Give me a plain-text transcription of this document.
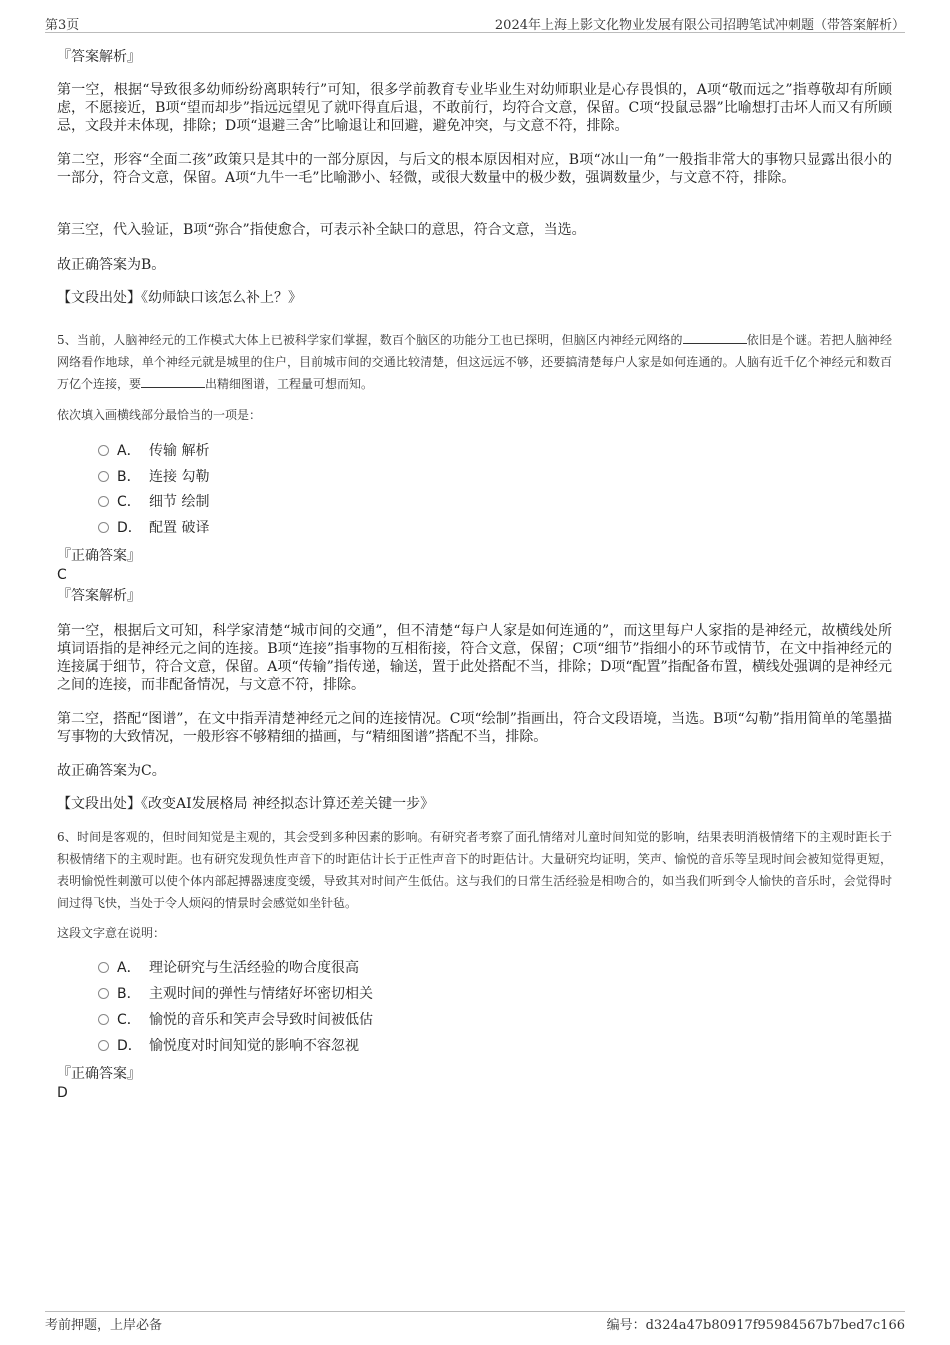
第3页	2024年上海上影文化物业发展有限公司招聘笔试冲刺题（带答案解析）
『答案解析』

第一空，根据“导致很多幼师纷纷离职转行”可知，很多学前教育专业毕业生对幼师职业是心存畏惧的，A项“敬而远之”指尊敬却有所顾虑，不愿接近，B项“望而却步”指远远望见了就吓得直后退，不敢前行，均符合文意，保留。C项“投鼠忌器”比喻想打击坏人而又有所顾忌，文段并未体现，排除；D项“退避三舍”比喻退让和回避，避免冲突，与文意不符，排除。

第二空，形容“全面二孩”政策只是其中的一部分原因，与后文的根本原因相对应，B项“冰山一角”一般指非常大的事物只显露出很小的一部分，符合文意，保留。A项“九牛一毛”比喻渺小、轻微，或很大数量中的极少数，强调数量少，与文意不符，排除。

第三空，代入验证，B项“弥合”指使愈合，可表示补全缺口的意思，符合文意，当选。

故正确答案为B。

【文段出处】《幼师缺口该怎么补上？》

5、当前，人脑神经元的工作模式大体上已被科学家们掌握，数百个脑区的功能分工也已探明，但脑区内神经元网络的	依旧是个谜。若把人脑神经网络看作地球，单个神经元就是城里的住户，目前城市间的交通比较清楚，但这远远不够，还要搞清楚每户人家是如何连通的。人脑有近千亿个神经元和数百万亿个连接，要	出精细图谱，工程量可想而知。

依次填入画横线部分最恰当的一项是：

A． 传输 解析
B． 连接 勾勒
C． 细节 绘制
D． 配置 破译
『正确答案』
C
『答案解析』

第一空，根据后文可知，科学家清楚“城市间的交通”，但不清楚“每户人家是如何连通的”，而这里每户人家指的是神经元，故横线处所填词语指的是神经元之间的连接。B项“连接”指事物的互相衔接，符合文意，保留；C项“细节”指细小的环节或情节，在文中指神经元的连接属于细节，符合文意，保留。A项“传输”指传递，输送，置于此处搭配不当，排除；D项“配置”指配备布置，横线处强调的是神经元之间的连接，而非配备情况，与文意不符，排除。

第二空，搭配“图谱”，在文中指弄清楚神经元之间的连接情况。C项“绘制”指画出，符合文段语境，当选。B项“勾勒”指用简单的笔墨描写事物的大致情况，一般形容不够精细的描画，与“精细图谱”搭配不当，排除。

故正确答案为C。

【文段出处】《改变AI发展格局 神经拟态计算还差关键一步》

6、时间是客观的，但时间知觉是主观的，其会受到多种因素的影响。有研究者考察了面孔情绪对儿童时间知觉的影响，结果表明消极情绪下的主观时距长于积极情绪下的主观时距。也有研究发现负性声音下的时距估计长于正性声音下的时距估计。大量研究均证明，笑声、愉悦的音乐等呈现时间会被知觉得更短，表明愉悦性刺激可以使个体内部起搏器速度变缓，导致其对时间产生低估。这与我们的日常生活经验是相吻合的，如当我们听到令人愉快的音乐时，会觉得时间过得飞快，当处于令人烦闷的情景时会感觉如坐针毡。

这段文字意在说明：

A． 理论研究与生活经验的吻合度很高
B． 主观时间的弹性与情绪好坏密切相关
C． 愉悦的音乐和笑声会导致时间被低估
D． 愉悦度对时间知觉的影响不容忽视
『正确答案』
D
考前押题，上岸必备	编号：d324a47b80917f95984567b7bed7c166
